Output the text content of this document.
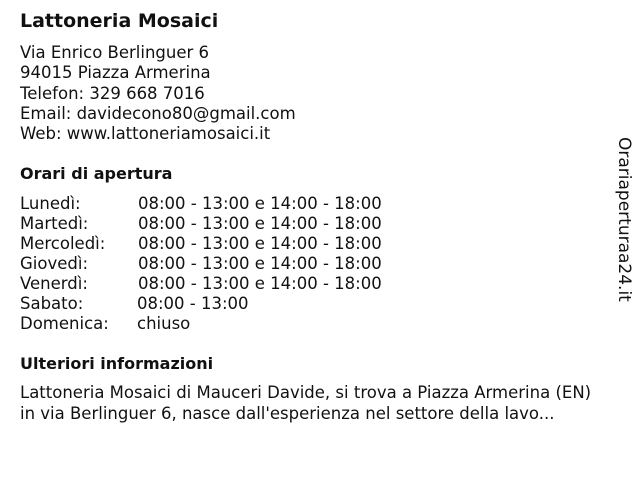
Lattoneria Mosaici
Via Enrico Berlinguer 6
94015 Piazza Armerina
Telefon: 329 668 7016
Email: davidecono80@gmail.com
Web: www.lattoneriamosaici.it
Orari di apertura
Lunedì:	08:00 - 13:00 e 14:00 - 18:00
Martedì:	08:00 - 13:00 e 14:00 - 18:00
Mercoledì:	08:00 - 13:00 e 14:00 - 18:00
Giovedì:	08:00 - 13:00 e 14:00 - 18:00
Venerdì:	08:00 - 13:00 e 14:00 - 18:00
Sabato:	08:00 - 13:00
Domenica:	chiuso
Ulteriori informazioni
Lattoneria Mosaici di Mauceri Davide, si trova a Piazza Armerina (EN)
in via Berlinguer 6, nasce dall'esperienza nel settore della lavo...
Orariaperturaa24.it
